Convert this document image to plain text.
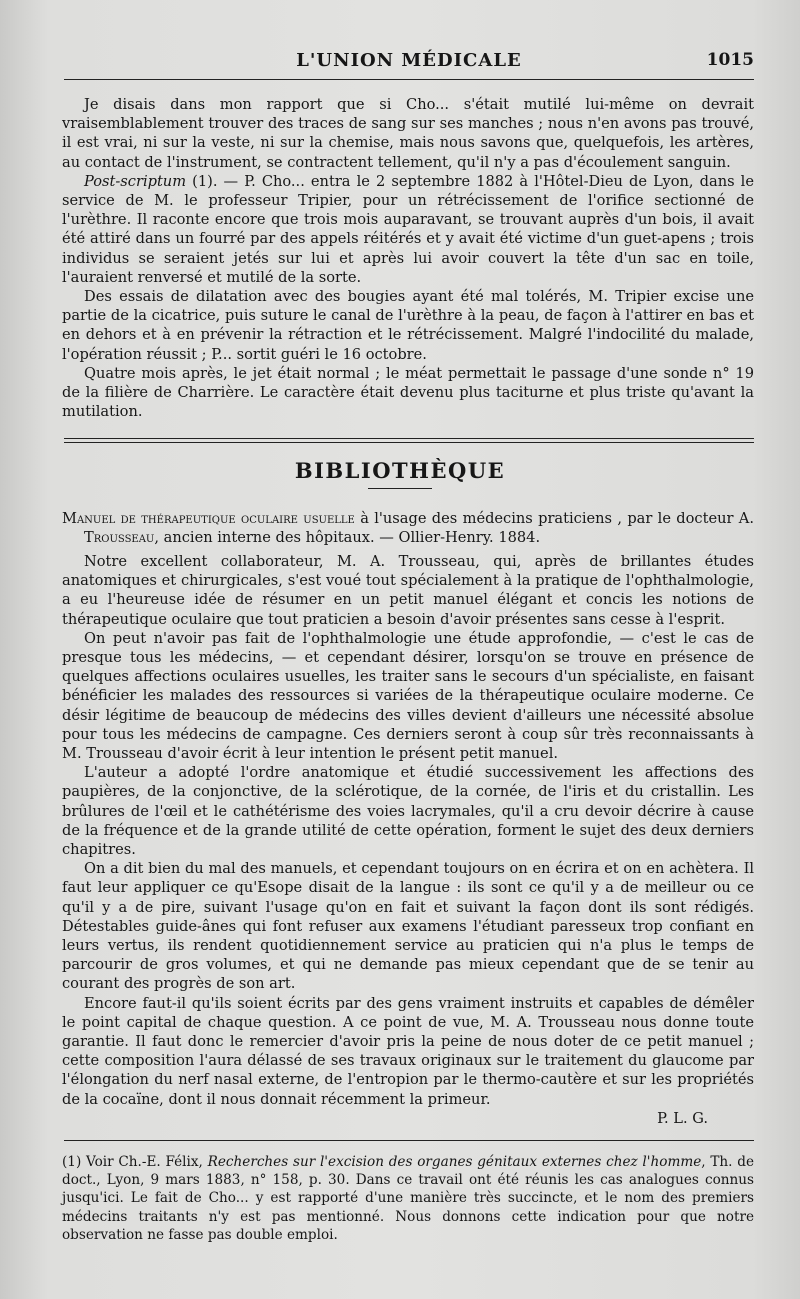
L'UNION MÉDICALE	1015

Je disais dans mon rapport que si Cho... s'était mutilé lui-même on devrait vraisemblablement trouver des traces de sang sur ses manches ; nous n'en avons pas trouvé, il est vrai, ni sur la veste, ni sur la chemise, mais nous savons que, quelquefois, les artères, au contact de l'instrument, se contractent tellement, qu'il n'y a pas d'écoulement sanguin.

Post-scriptum (1). — P. Cho... entra le 2 septembre 1882 à l'Hôtel-Dieu de Lyon, dans le service de M. le professeur Tripier, pour un rétrécissement de l'orifice sectionné de l'urèthre. Il raconte encore que trois mois auparavant, se trouvant auprès d'un bois, il avait été attiré dans un fourré par des appels réitérés et y avait été victime d'un guet-apens ; trois individus se seraient jetés sur lui et après lui avoir couvert la tête d'un sac en toile, l'auraient renversé et mutilé de la sorte.

Des essais de dilatation avec des bougies ayant été mal tolérés, M. Tripier excise une partie de la cicatrice, puis suture le canal de l'urèthre à la peau, de façon à l'attirer en bas et en dehors et à en prévenir la rétraction et le rétrécissement. Malgré l'indocilité du malade, l'opération réussit ; P... sortit guéri le 16 octobre.

Quatre mois après, le jet était normal ; le méat permettait le passage d'une sonde n° 19 de la filière de Charrière. Le caractère était devenu plus taciturne et plus triste qu'avant la mutilation.

BIBLIOTHÈQUE
Manuel de thérapeutique oculaire usuelle à l'usage des médecins praticiens , par le docteur A. Trousseau, ancien interne des hôpitaux. — Ollier-Henry. 1884.

Notre excellent collaborateur, M. A. Trousseau, qui, après de brillantes études anatomiques et chirurgicales, s'est voué tout spécialement à la pratique de l'ophthalmologie, a eu l'heureuse idée de résumer en un petit manuel élégant et concis les notions de thérapeutique oculaire que tout praticien a besoin d'avoir présentes sans cesse à l'esprit.

On peut n'avoir pas fait de l'ophthalmologie une étude approfondie, — c'est le cas de presque tous les médecins, — et cependant désirer, lorsqu'on se trouve en présence de quelques affections oculaires usuelles, les traiter sans le secours d'un spécialiste, en faisant bénéficier les malades des ressources si variées de la thérapeutique oculaire moderne. Ce désir légitime de beaucoup de médecins des villes devient d'ailleurs une nécessité absolue pour tous les médecins de campagne. Ces derniers seront à coup sûr très reconnaissants à M. Trousseau d'avoir écrit à leur intention le présent petit manuel.

L'auteur a adopté l'ordre anatomique et étudié successivement les affections des paupières, de la conjonctive, de la sclérotique, de la cornée, de l'iris et du cristallin. Les brûlures de l'œil et le cathétérisme des voies lacrymales, qu'il a cru devoir décrire à cause de la fréquence et de la grande utilité de cette opération, forment le sujet des deux derniers chapitres.

On a dit bien du mal des manuels, et cependant toujours on en écrira et on en achètera. Il faut leur appliquer ce qu'Esope disait de la langue : ils sont ce qu'il y a de meilleur ou ce qu'il y a de pire, suivant l'usage qu'on en fait et suivant la façon dont ils sont rédigés. Détestables guide-ânes qui font refuser aux examens l'étudiant paresseux trop confiant en leurs vertus, ils rendent quotidiennement service au praticien qui n'a plus le temps de parcourir de gros volumes, et qui ne demande pas mieux cependant que de se tenir au courant des progrès de son art.

Encore faut-il qu'ils soient écrits par des gens vraiment instruits et capables de démêler le point capital de chaque question. A ce point de vue, M. A. Trousseau nous donne toute garantie. Il faut donc le remercier d'avoir pris la peine de nous doter de ce petit manuel ; cette composition l'aura délassé de ses travaux originaux sur le traitement du glaucome par l'élongation du nerf nasal externe, de l'entropion par le thermo-cautère et sur les propriétés de la cocaïne, dont il nous donnait récemment la primeur.

P. L. G.

(1) Voir Ch.-E. Félix, Recherches sur l'excision des organes génitaux externes chez l'homme, Th. de doct., Lyon, 9 mars 1883, n° 158, p. 30. Dans ce travail ont été réunis les cas analogues connus jusqu'ici. Le fait de Cho... y est rapporté d'une manière très succincte, et le nom des premiers médecins traitants n'y est pas mentionné. Nous donnons cette indication pour que notre observation ne fasse pas double emploi.
